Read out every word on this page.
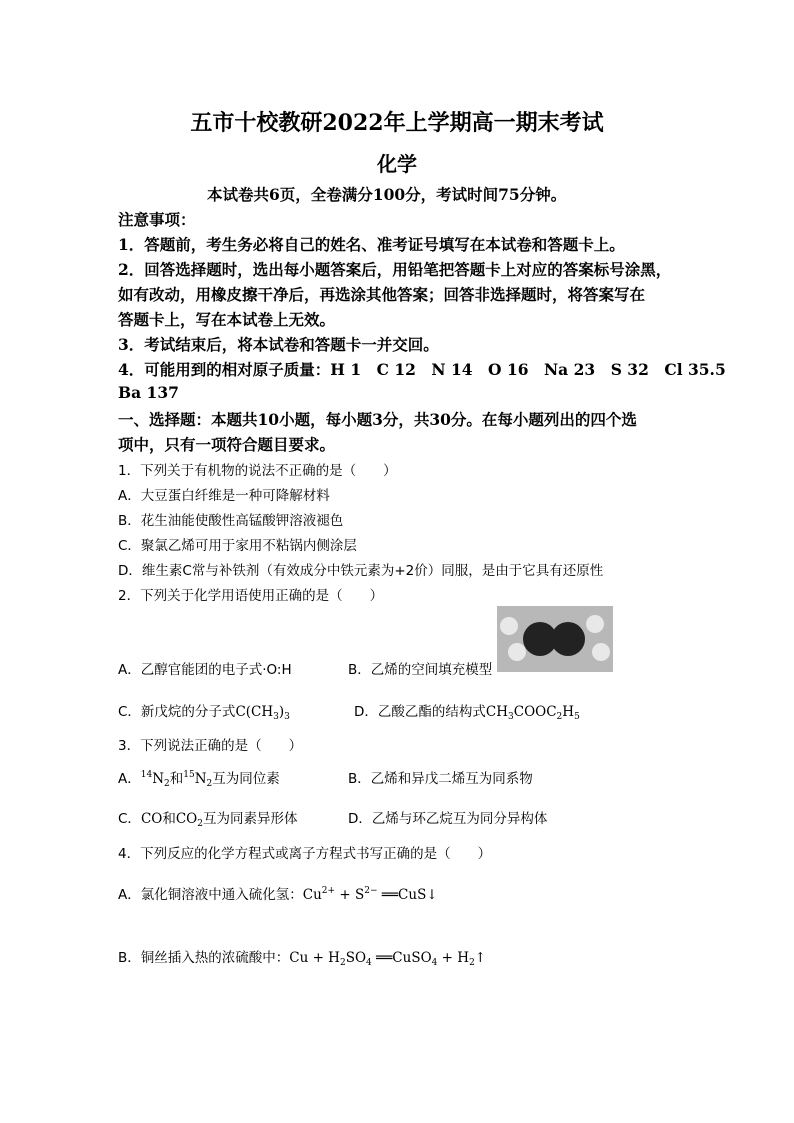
五市十校教研2022年上学期高一期末考试
化学
本试卷共6页，全卷满分100分，考试时间75分钟。
注意事项：
1．答题前，考生务必将自己的姓名、准考证号填写在本试卷和答题卡上。
2．回答选择题时，选出每小题答案后，用铅笔把答题卡上对应的答案标号涂黑，
如有改动，用橡皮擦干净后，再选涂其他答案；回答非选择题时，将答案写在
答题卡上，写在本试卷上无效。
3．考试结束后，将本试卷和答题卡一并交回。
4．可能用到的相对原子质量：H 1　C 12　N 14　O 16　Na 23　S 32　Cl 35.5
Ba 137
一、选择题：本题共10小题，每小题3分，共30分。在每小题列出的四个选
项中，只有一项符合题目要求。
1．下列关于有机物的说法不正确的是（　　）
A．大豆蛋白纤维是一种可降解材料
B．花生油能使酸性高锰酸钾溶液褪色
C．聚氯乙烯可用于家用不粘锅内侧涂层
D．维生素C常与补铁剂（有效成分中铁元素为+2价）同服，是由于它具有还原性
2．下列关于化学用语使用正确的是（　　）
A．乙醇官能团的电子式·O:H	B．乙烯的空间填充模型
C．新戊烷的分子式$C(CH_3)_3$	D．乙酸乙酯的结构式$CH_3COOC_2H_5$
3．下列说法正确的是（　　）
A．$^{14}N_2$和$^{15}N_2$互为同位素	B．乙烯和异戊二烯互为同系物
C．CO和$CO_2$互为同素异形体	D．乙烯与环乙烷互为同分异构体
4．下列反应的化学方程式或离子方程式书写正确的是（　　）
A．氯化铜溶液中通入硫化氢：$Cu^{2+} + S^{2-}$ ══CuS↓
B．铜丝插入热的浓硫酸中：$Cu + H_2SO_4$ ══CuSO$_4$ + $H_2↑$
